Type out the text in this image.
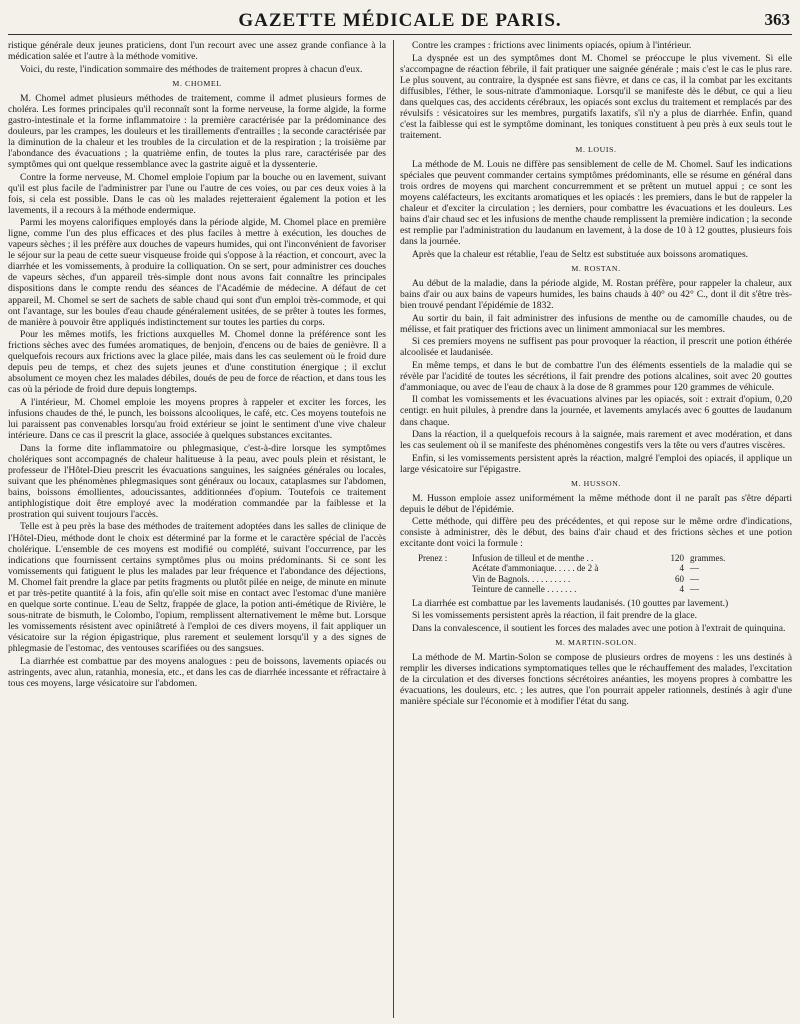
GAZETTE MÉDICALE DE PARIS.	363

ristique générale deux jeunes praticiens, dont l'un recourt avec une assez grande confiance à la médication salée et l'autre à la méthode vomitive.

Voici, du reste, l'indication sommaire des méthodes de traitement propres à chacun d'eux.

M. CHOMEL

M. Chomel admet plusieurs méthodes de traitement, comme il admet plusieurs formes de choléra. Les formes principales qu'il reconnaît sont la forme nerveuse, la forme algide, la forme gastro-intestinale et la forme inflammatoire : la première caractérisée par la prédominance des douleurs, par les crampes, les douleurs et les tiraillements d'entrailles ; la seconde caractérisée par la diminution de la chaleur et les troubles de la circulation et de la respiration ; la troisième par l'abondance des évacuations ; la quatrième enfin, de toutes la plus rare, caractérisée par des symptômes qui ont quelque ressemblance avec la gastrite aiguë et la dyssenterie.

Contre la forme nerveuse, M. Chomel emploie l'opium par la bouche ou en lavement, suivant qu'il est plus facile de l'administrer par l'une ou l'autre de ces voies, ou par ces deux voies à la fois, si cela est possible. Dans le cas où les malades rejetteraient également la potion et les lavements, il a recours à la méthode endermique.

Parmi les moyens calorifiques employés dans la période algide, M. Chomel place en première ligne, comme l'un des plus efficaces et des plus faciles à mettre à exécution, les douches de vapeurs sèches ; il les préfère aux douches de vapeurs humides, qui ont l'inconvénient de favoriser le séjour sur la peau de cette sueur visqueuse froide qui s'oppose à la réaction, et concourt, avec la diarrhée et les vomissements, à produire la colliquation. On se sert, pour administrer ces douches de vapeurs sèches, d'un appareil très-simple dont nous avons fait connaître les principales dispositions dans le compte rendu des séances de l'Académie de médecine. A défaut de cet appareil, M. Chomel se sert de sachets de sable chaud qui sont d'un emploi très-commode, et qui ont l'avantage, sur les boules d'eau chaude généralement usitées, de se prêter à toutes les formes, de manière à pouvoir être appliqués indistinctement sur toutes les parties du corps.

Pour les mêmes motifs, les frictions auxquelles M. Chomel donne la préférence sont les frictions sèches avec des fumées aromatiques, de benjoin, d'encens ou de baies de genièvre. Il a quelquefois recours aux frictions avec la glace pilée, mais dans les cas seulement où le froid dure depuis peu de temps, et chez des sujets jeunes et d'une constitution énergique ; il exclut absolument ce moyen chez les malades débiles, doués de peu de force de réaction, et dans tous les cas où la période de froid dure depuis longtemps.

A l'intérieur, M. Chomel emploie les moyens propres à rappeler et exciter les forces, les infusions chaudes de thé, le punch, les boissons alcooliques, le café, etc. Ces moyens toutefois ne lui paraissent pas convenables lorsqu'au froid extérieur se joint le sentiment d'une vive chaleur intérieure. Dans ce cas il prescrit la glace, associée à quelques substances excitantes.

Dans la forme dite inflammatoire ou phlegmasique, c'est-à-dire lorsque les symptômes cholériques sont accompagnés de chaleur halitueuse à la peau, avec pouls plein et résistant, le professeur de l'Hôtel-Dieu prescrit les évacuations sanguines, les saignées générales ou locales, suivant que les phénomènes phlegmasiques sont généraux ou locaux, cataplasmes sur l'abdomen, bains, boissons émollientes, adoucissantes, additionnées d'opium. Toutefois ce traitement antiphlogistique doit être employé avec la modération commandée par la faiblesse et la prostration qui suivent toujours l'accès.

Telle est à peu près la base des méthodes de traitement adoptées dans les salles de clinique de l'Hôtel-Dieu, méthode dont le choix est déterminé par la forme et le caractère spécial de l'accès cholérique. L'ensemble de ces moyens est modifié ou complété, suivant l'occurrence, par les indications que fournissent certains symptômes plus ou moins prédominants. Si ce sont les vomissements qui fatiguent le plus les malades par leur fréquence et l'abondance des déjections, M. Chomel fait prendre la glace par petits fragments ou plutôt pilée en neige, de minute en minute et par très-petite quantité à la fois, afin qu'elle soit mise en contact avec l'estomac d'une manière en quelque sorte continue. L'eau de Seltz, frappée de glace, la potion anti-émétique de Rivière, le sous-nitrate de bismuth, le Colombo, l'opium, remplissent alternativement le même but. Lorsque les vomissements résistent avec opiniâtreté à l'emploi de ces divers moyens, il fait appliquer un vésicatoire sur la région épigastrique, plus rarement et seulement lorsqu'il y a des signes de phlegmasie de l'estomac, des ventouses scarifiées ou des sangsues.

La diarrhée est combattue par des moyens analogues : peu de boissons, lavements opiacés ou astringents, avec alun, ratanhia, monesia, etc., et dans les cas de diarrhée incessante et réfractaire à tous ces moyens, large vésicatoire sur l'abdomen.

Contre les crampes : frictions avec liniments opiacés, opium à l'intérieur.

La dyspnée est un des symptômes dont M. Chomel se préoccupe le plus vivement. Si elle s'accompagne de réaction fébrile, il fait pratiquer une saignée générale ; mais c'est le cas le plus rare. Le plus souvent, au contraire, la dyspnée est sans fièvre, et dans ce cas, il la combat par les excitants diffusibles, l'éther, le sous-nitrate d'ammoniaque. Lorsqu'il se manifeste dès le début, ce qui a lieu dans quelques cas, des accidents cérébraux, les opiacés sont exclus du traitement et remplacés par des révulsifs : vésicatoires sur les membres, purgatifs laxatifs, s'il n'y a plus de diarrhée. Enfin, quand c'est la faiblesse qui est le symptôme dominant, les toniques constituent à peu près à eux seuls tout le traitement.

M. LOUIS.

La méthode de M. Louis ne diffère pas sensiblement de celle de M. Chomel. Sauf les indications spéciales que peuvent commander certains symptômes prédominants, elle se résume en général dans trois ordres de moyens qui marchent concurremment et se prêtent un mutuel appui ; ce sont les moyens caléfacteurs, les excitants aromatiques et les opiacés : les premiers, dans le but de rappeler la chaleur et d'exciter la circulation ; les derniers, pour combattre les évacuations et les douleurs. Les bains d'air chaud sec et les infusions de menthe chaude remplissent la première indication ; la seconde est remplie par l'administration du laudanum en lavement, à la dose de 10 à 12 gouttes, plusieurs fois dans la journée.

Après que la chaleur est rétablie, l'eau de Seltz est substituée aux boissons aromatiques.

M. ROSTAN.

Au début de la maladie, dans la période algide, M. Rostan préfère, pour rappeler la chaleur, aux bains d'air ou aux bains de vapeurs humides, les bains chauds à 40° ou 42° C., dont il dit s'être très-bien trouvé pendant l'épidémie de 1832.

Au sortir du bain, il fait administrer des infusions de menthe ou de camomille chaudes, ou de mélisse, et fait pratiquer des frictions avec un liniment ammoniacal sur les membres.

Si ces premiers moyens ne suffisent pas pour provoquer la réaction, il prescrit une potion éthérée alcoolisée et laudanisée.

En même temps, et dans le but de combattre l'un des éléments essentiels de la maladie qui se révèle par l'acidité de toutes les sécrétions, il fait prendre des potions alcalines, soit avec 20 gouttes d'ammoniaque, ou avec de l'eau de chaux à la dose de 8 grammes pour 120 grammes de véhicule.

Il combat les vomissements et les évacuations alvines par les opiacés, soit : extrait d'opium, 0,20 centigr. en huit pilules, à prendre dans la journée, et lavements amylacés avec 6 gouttes de laudanum dans chaque.

Dans la réaction, il a quelquefois recours à la saignée, mais rarement et avec modération, et dans les cas seulement où il se manifeste des phénomènes congestifs vers la tête ou vers d'autres viscères.

Enfin, si les vomissements persistent après la réaction, malgré l'emploi des opiacés, il applique un large vésicatoire sur l'épigastre.

M. HUSSON.

M. Husson emploie assez uniformément la même méthode dont il ne paraît pas s'être départi depuis le début de l'épidémie.

Cette méthode, qui diffère peu des précédentes, et qui repose sur le même ordre d'indications, consiste à administrer, dès le début, des bains d'air chaud et des frictions sèches et une potion excitante dont voici la formule :

Prenez :	Infusion de tilleul et de menthe . .	120 grammes.
Acétate d'ammoniaque. . . . . de 2 à	4 —
Vin de Bagnols. . . . . . . . . .	60 —
Teinture de cannelle . . . . . . .	4 —

La diarrhée est combattue par les lavements laudanisés. (10 gouttes par lavement.)

Si les vomissements persistent après la réaction, il fait prendre de la glace.

Dans la convalescence, il soutient les forces des malades avec une potion à l'extrait de quinquina.

M. MARTIN-SOLON.

La méthode de M. Martin-Solon se compose de plusieurs ordres de moyens : les uns destinés à remplir les diverses indications symptomatiques telles que le réchauffement des malades, l'excitation de la circulation et des diverses fonctions sécrétoires anéanties, les moyens propres à combattre les évacuations, les douleurs, etc. ; les autres, que l'on pourrait appeler rationnels, destinés à agir d'une manière spéciale sur l'économie et à modifier l'état du sang.
